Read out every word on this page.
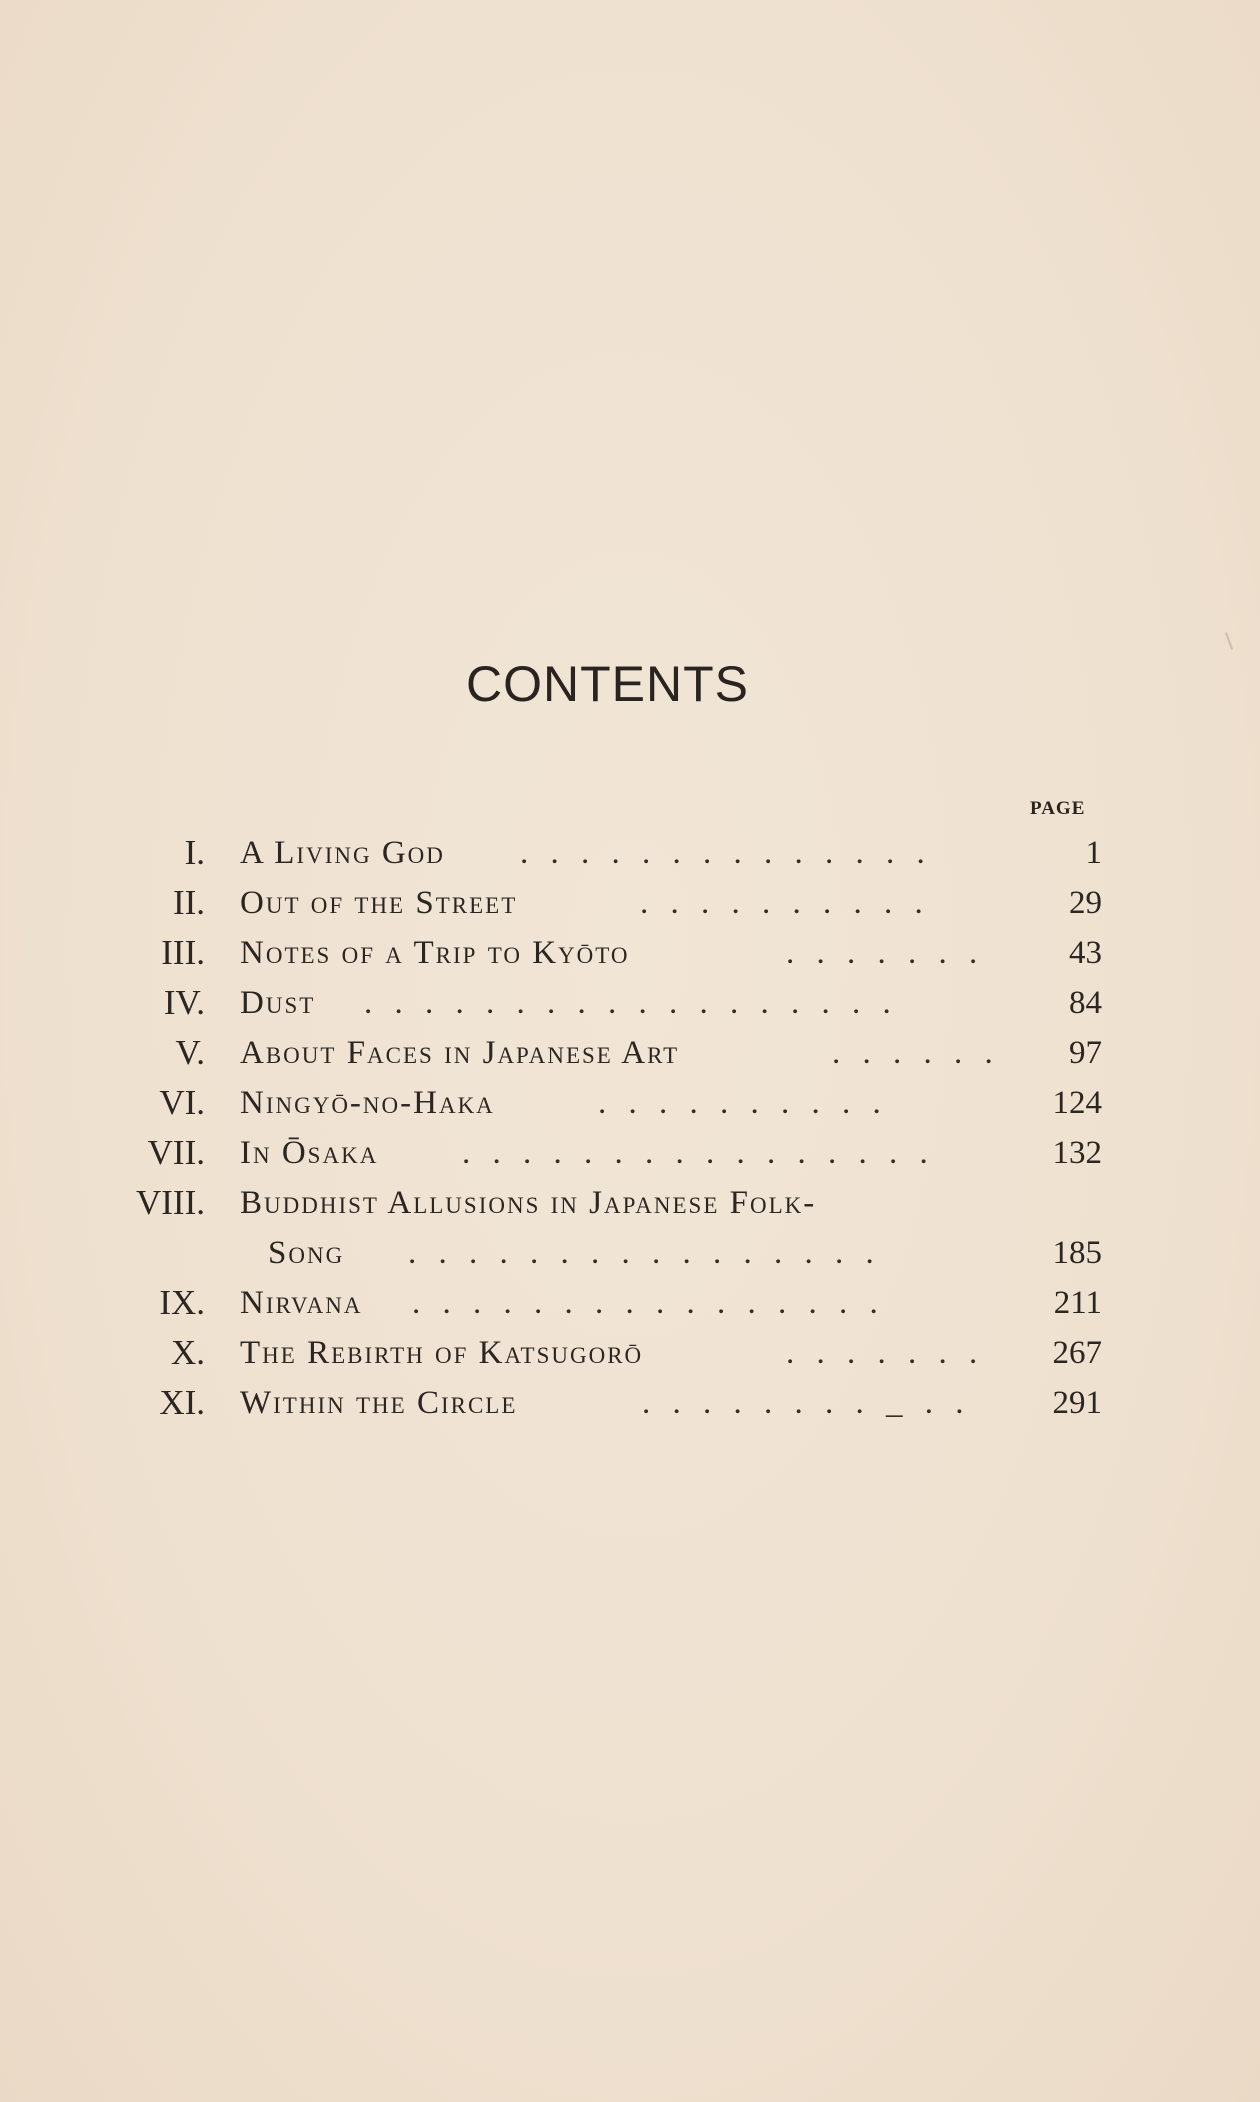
CONTENTS
PAGE
I. A Living God . . . . . . . . . . . . . .	1
II. Out of the Street	. . . . . . . . . .	29
III. Notes of a Trip to Kyōto	. . . . . . .	43
IV. Dust . . . . . . . . . . . . . . . . . .	84
V. About Faces in Japanese Art	. . . . . . 97
VI. Ningyō-no-Haka	. . . . . . . . . .	124
VII. In Ōsaka	. . . . . . . . . . . . . . . .	132
VIII. Buddhist Allusions in Japanese Folk-
Song . . . . . . . . . . . . . . . .	185
IX. Nirvana . . . . . . . . . . . . . . . .	211
X. The Rebirth of Katsugorō	. . . . . . . 267
XI. Within the Circle	. . . . . . . . _ . . 291
